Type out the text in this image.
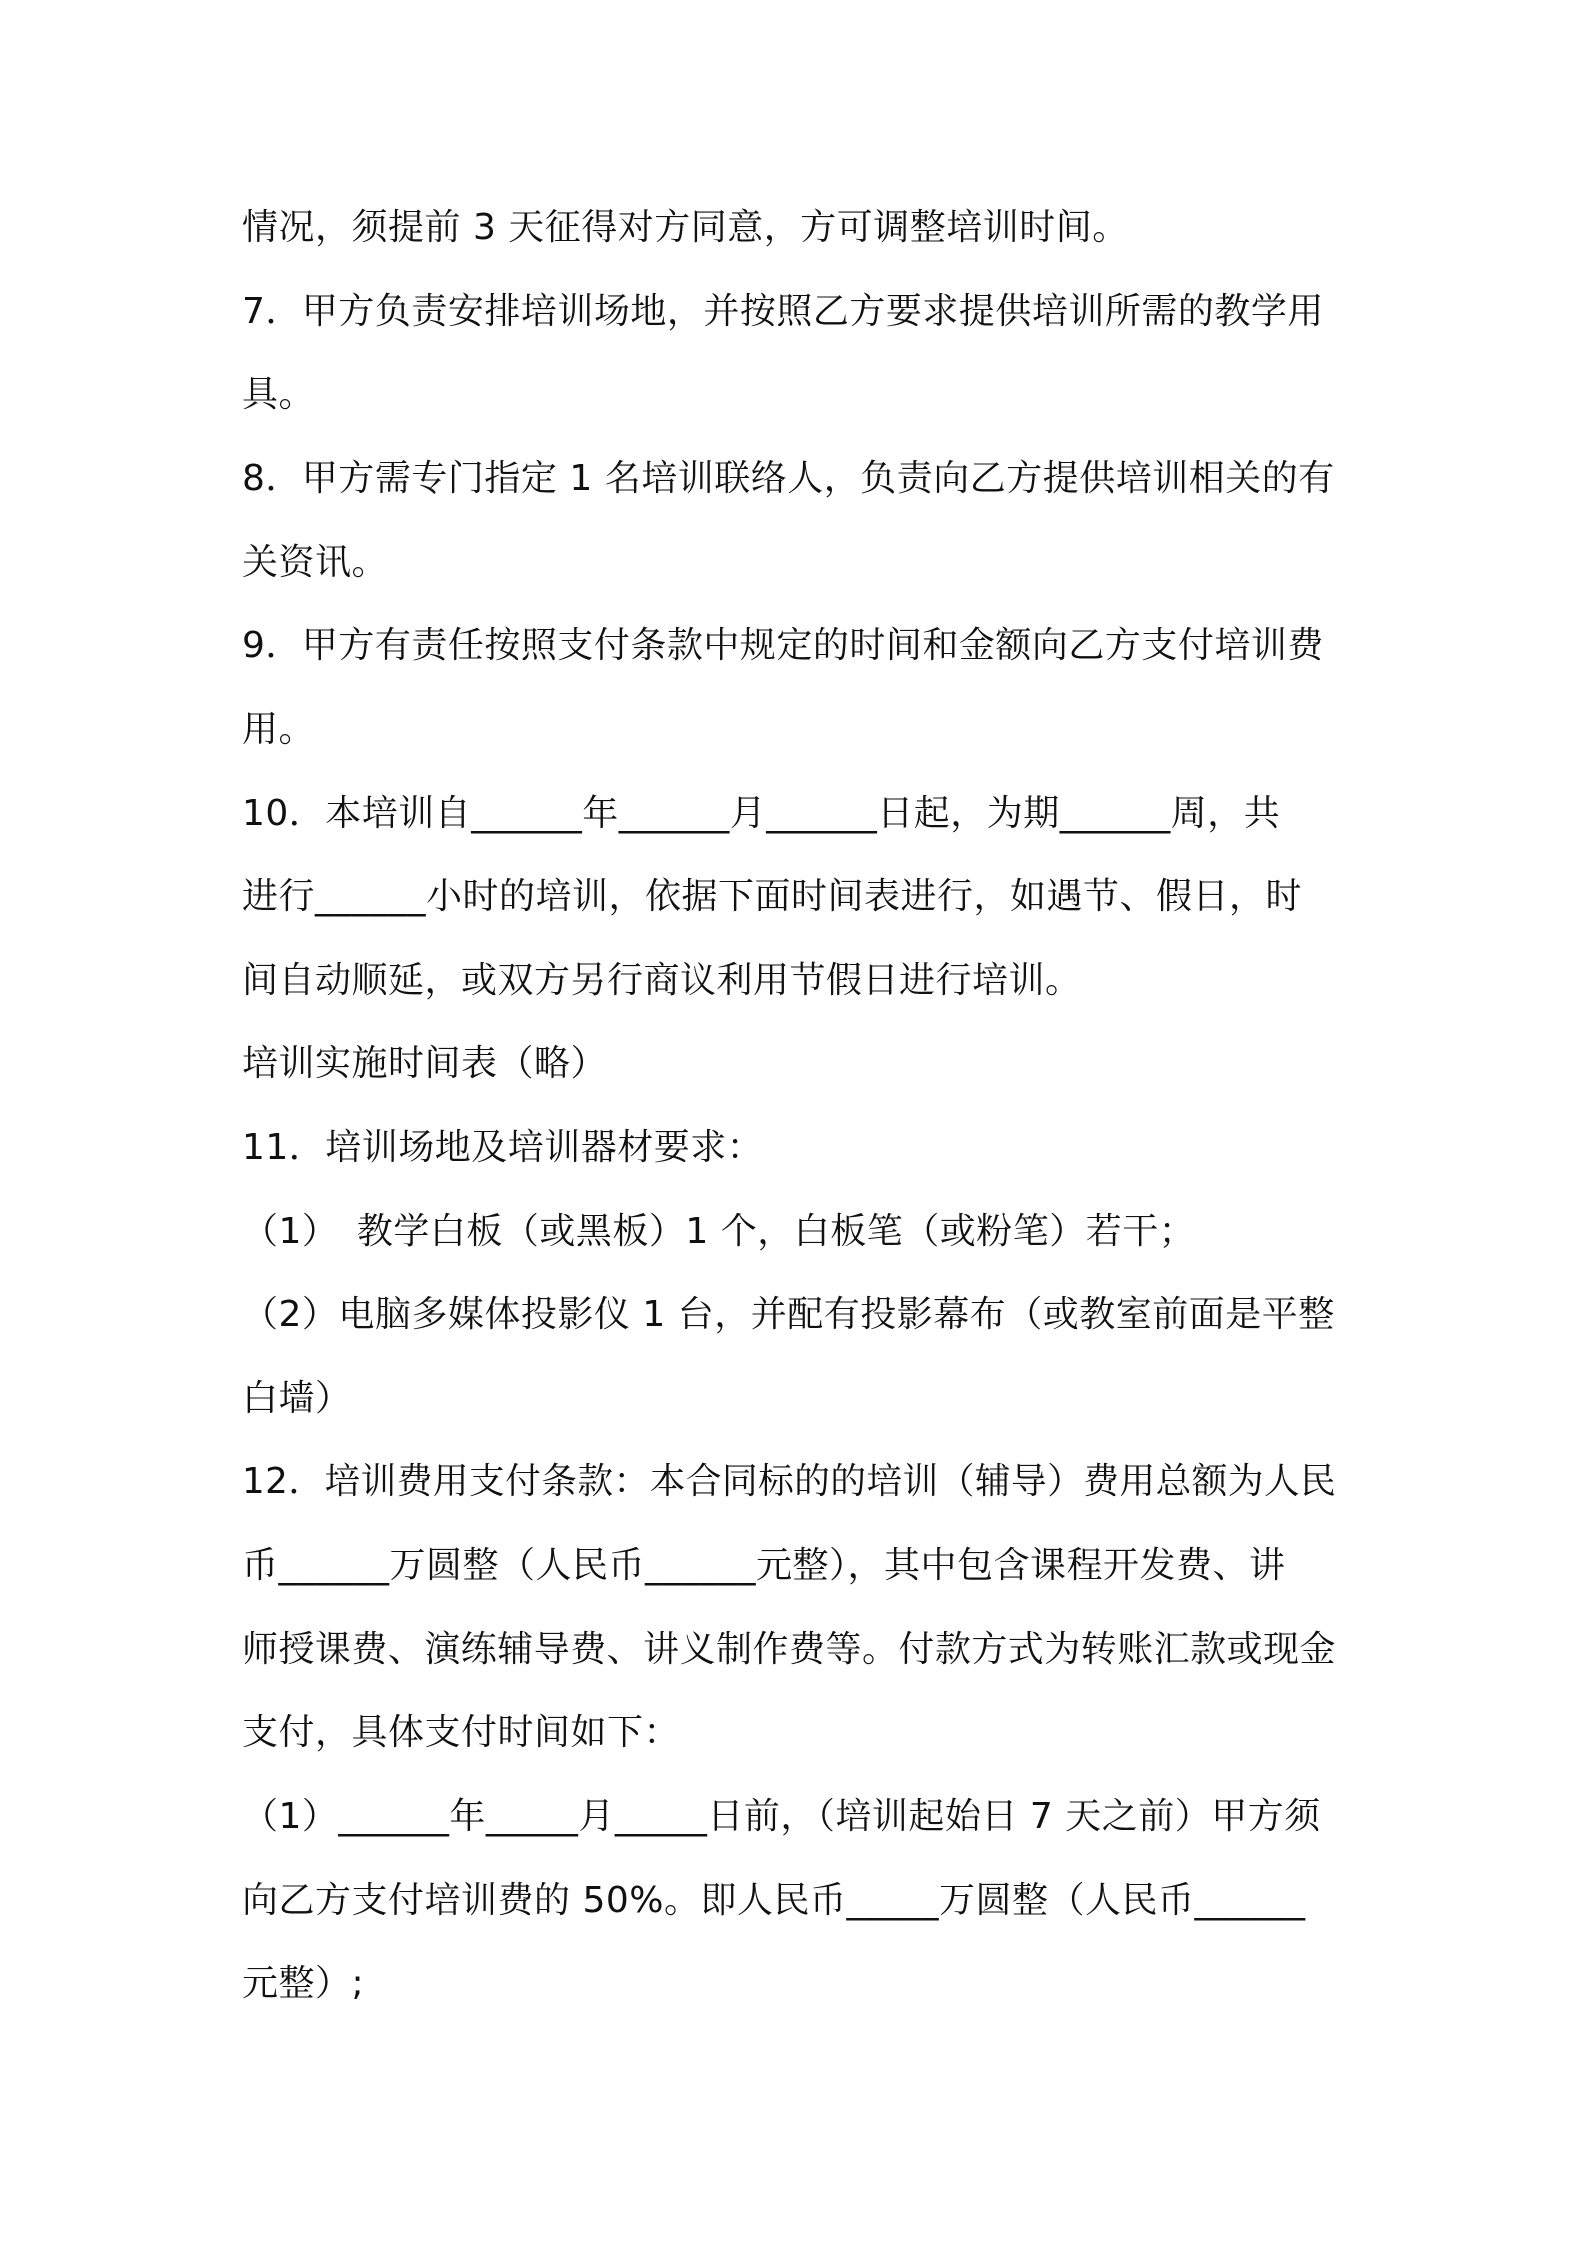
情况，须提前 3 天征得对方同意，方可调整培训时间。
7．甲方负责安排培训场地，并按照乙方要求提供培训所需的教学用
具。
8．甲方需专门指定 1 名培训联络人，负责向乙方提供培训相关的有
关资讯。
9．甲方有责任按照支付条款中规定的时间和金额向乙方支付培训费
用。
10．本培训自______年______月______日起，为期______周，共
进行______小时的培训，依据下面时间表进行，如遇节、假日，时
间自动顺延，或双方另行商议利用节假日进行培训。
培训实施时间表（略）
11．培训场地及培训器材要求：
（1）　教学白板（或黑板）1 个，白板笔（或粉笔）若干；
（2）电脑多媒体投影仪 1 台，并配有投影幕布（或教室前面是平整
白墙）
12．培训费用支付条款：本合同标的的培训（辅导）费用总额为人民
币______万圆整（人民币______元整），其中包含课程开发费、讲
师授课费、演练辅导费、讲义制作费等。付款方式为转账汇款或现金
支付，具体支付时间如下：
（1）______年_____月_____日前，（培训起始日 7 天之前）甲方须
向乙方支付培训费的 50%。即人民币_____万圆整（人民币______
元整）;
